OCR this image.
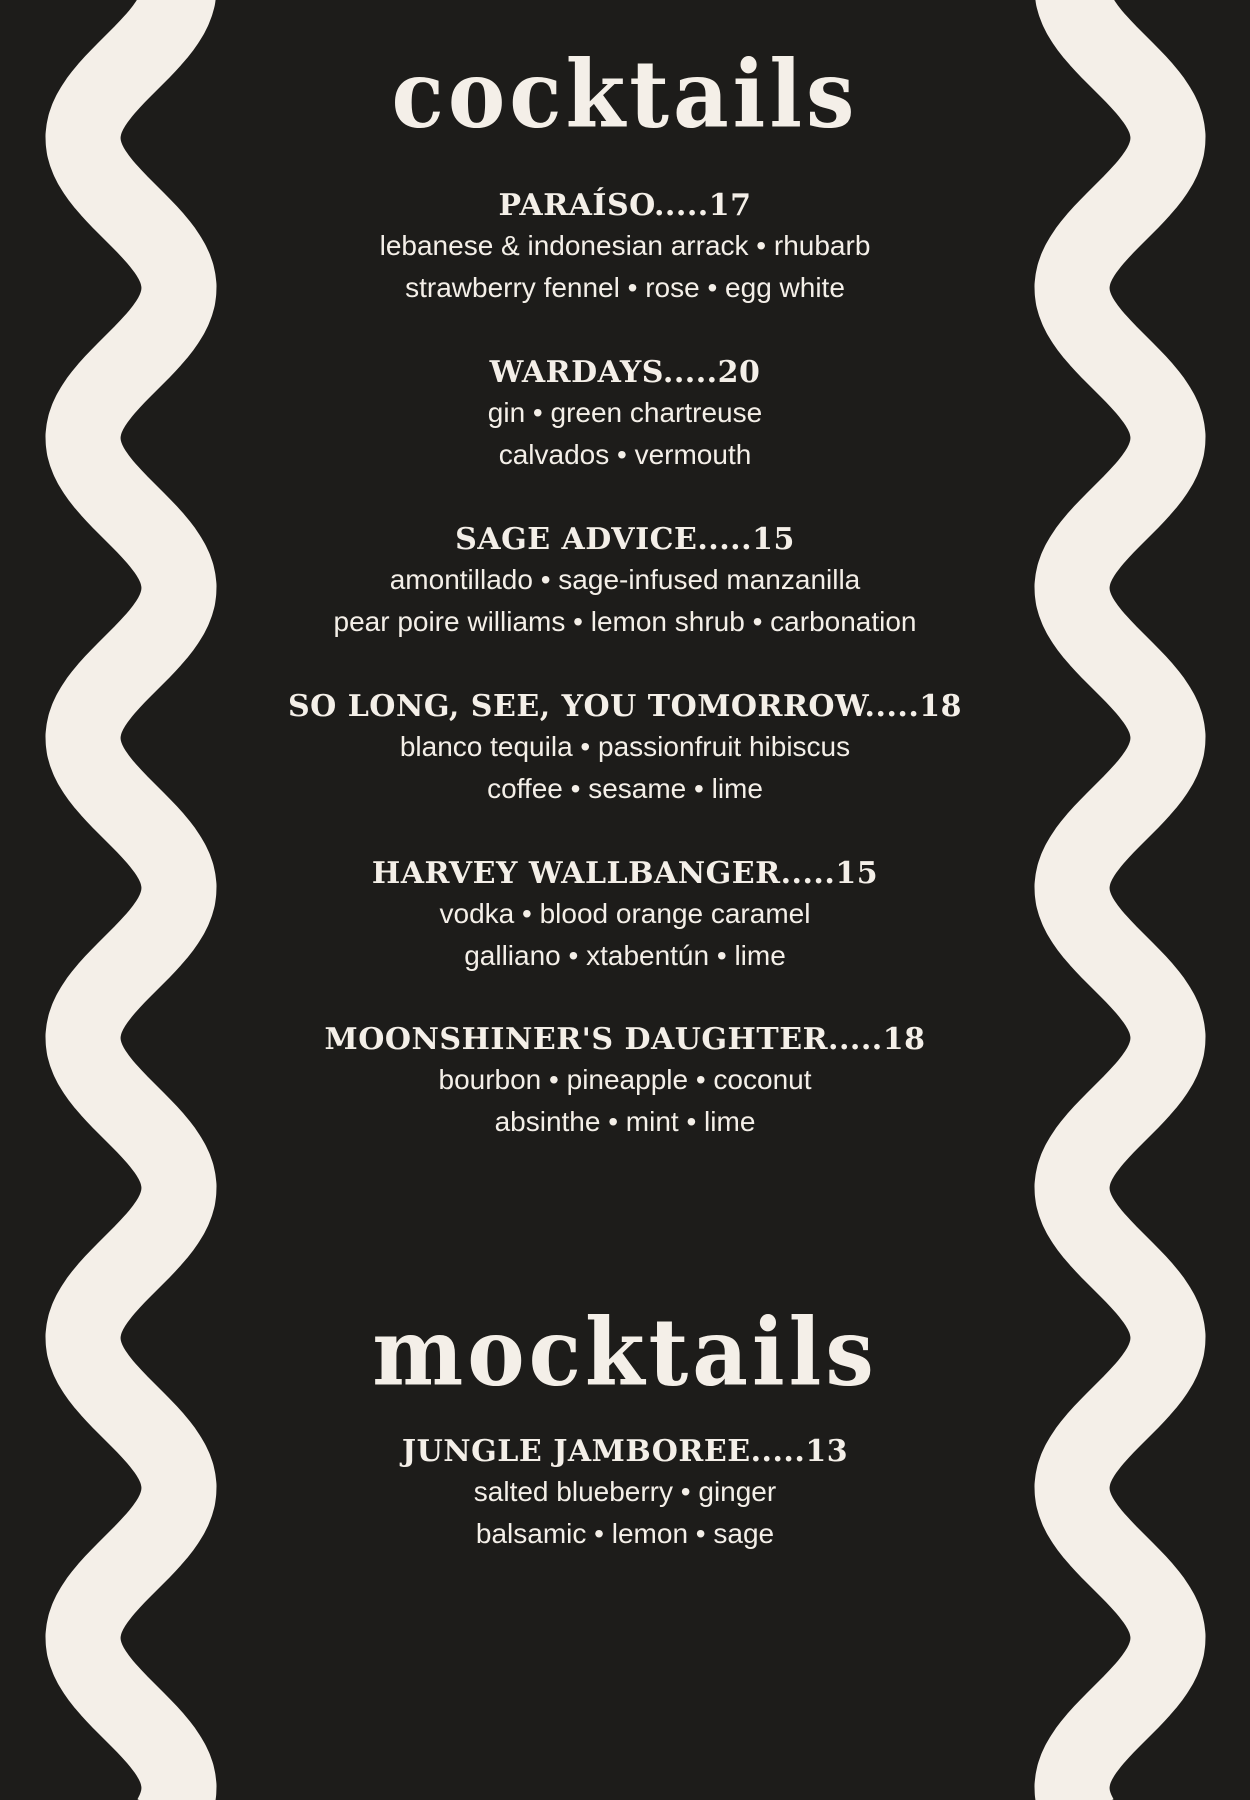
cocktails
PARAÍSO.....17
lebanese & indonesian arrack • rhubarb
strawberry fennel • rose • egg white
WARDAYS.....20
gin • green chartreuse
calvados • vermouth
SAGE ADVICE.....15
amontillado • sage-infused manzanilla
pear poire williams • lemon shrub • carbonation
SO LONG, SEE, YOU TOMORROW.....18
blanco tequila • passionfruit hibiscus
coffee • sesame • lime
HARVEY WALLBANGER.....15
vodka • blood orange caramel
galliano • xtabentún • lime
MOONSHINER'S DAUGHTER.....18
bourbon • pineapple • coconut
absinthe • mint • lime
mocktails
JUNGLE JAMBOREE.....13
salted blueberry • ginger
balsamic • lemon • sage
